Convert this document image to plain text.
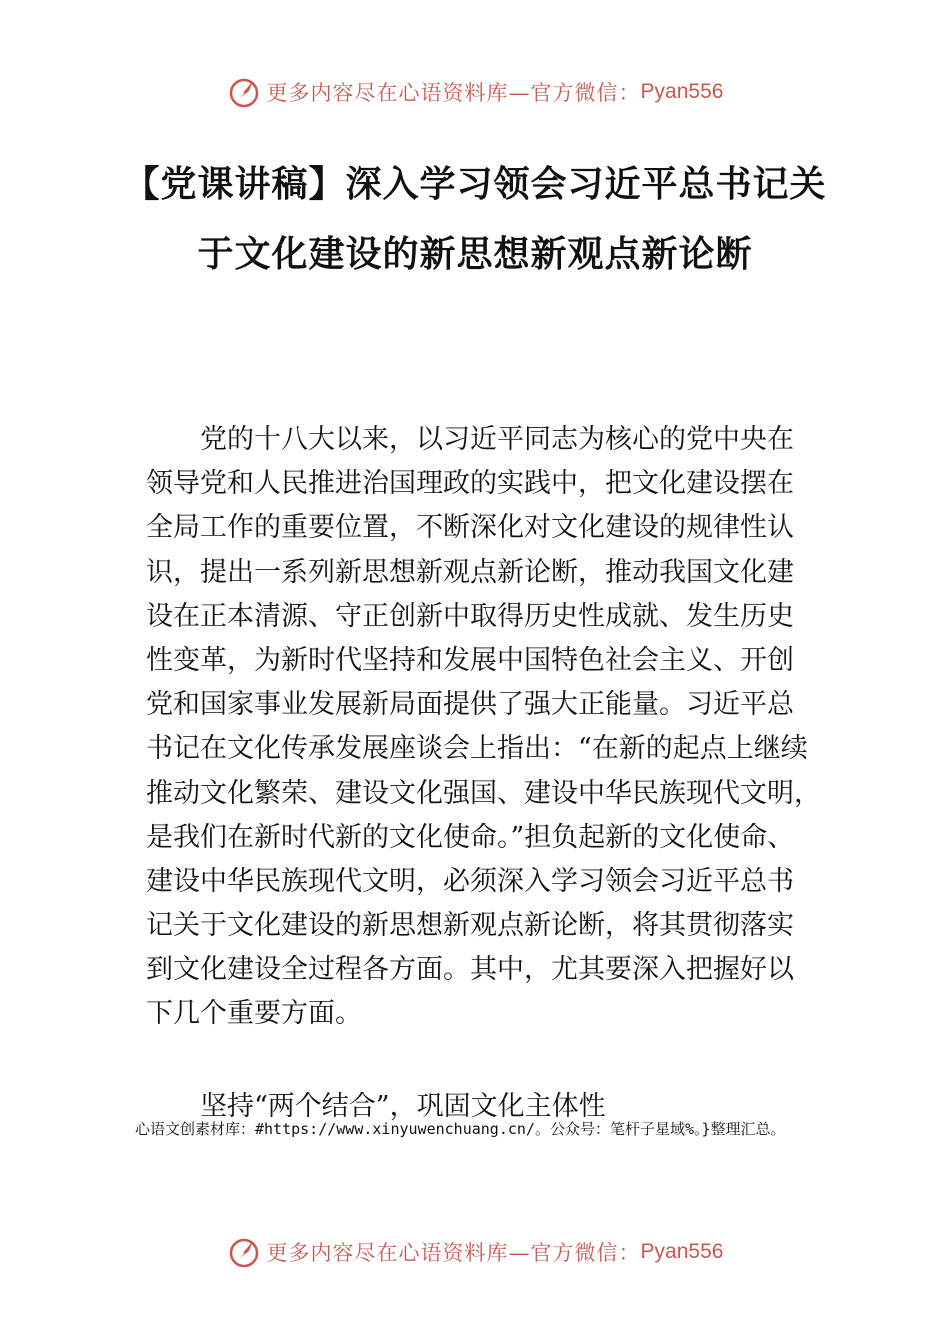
更多内容尽在心语资料库—官方微信： Pyan556
【党课讲稿】深入学习领会习近平总书记关
于文化建设的新思想新观点新论断
党的十八大以来，以习近平同志为核心的党中央在
领导党和人民推进治国理政的实践中，把文化建设摆在
全局工作的重要位置，不断深化对文化建设的规律性认
识，提出一系列新思想新观点新论断，推动我国文化建
设在正本清源、守正创新中取得历史性成就、发生历史
性变革，为新时代坚持和发展中国特色社会主义、开创
党和国家事业发展新局面提供了强大正能量。习近平总
书记在文化传承发展座谈会上指出：“在新的起点上继续
推动文化繁荣、建设文化强国、建设中华民族现代文明，
是我们在新时代新的文化使命。”担负起新的文化使命、
建设中华民族现代文明，必须深入学习领会习近平总书
记关于文化建设的新思想新观点新论断，将其贯彻落实
到文化建设全过程各方面。其中，尤其要深入把握好以
下几个重要方面。
坚持“两个结合”，巩固文化主体性
心语文创素材库：#https://www.xinyuwenchuang.cn/。公众号：笔杆子星域%。}整理汇总。
更多内容尽在心语资料库—官方微信： Pyan556
